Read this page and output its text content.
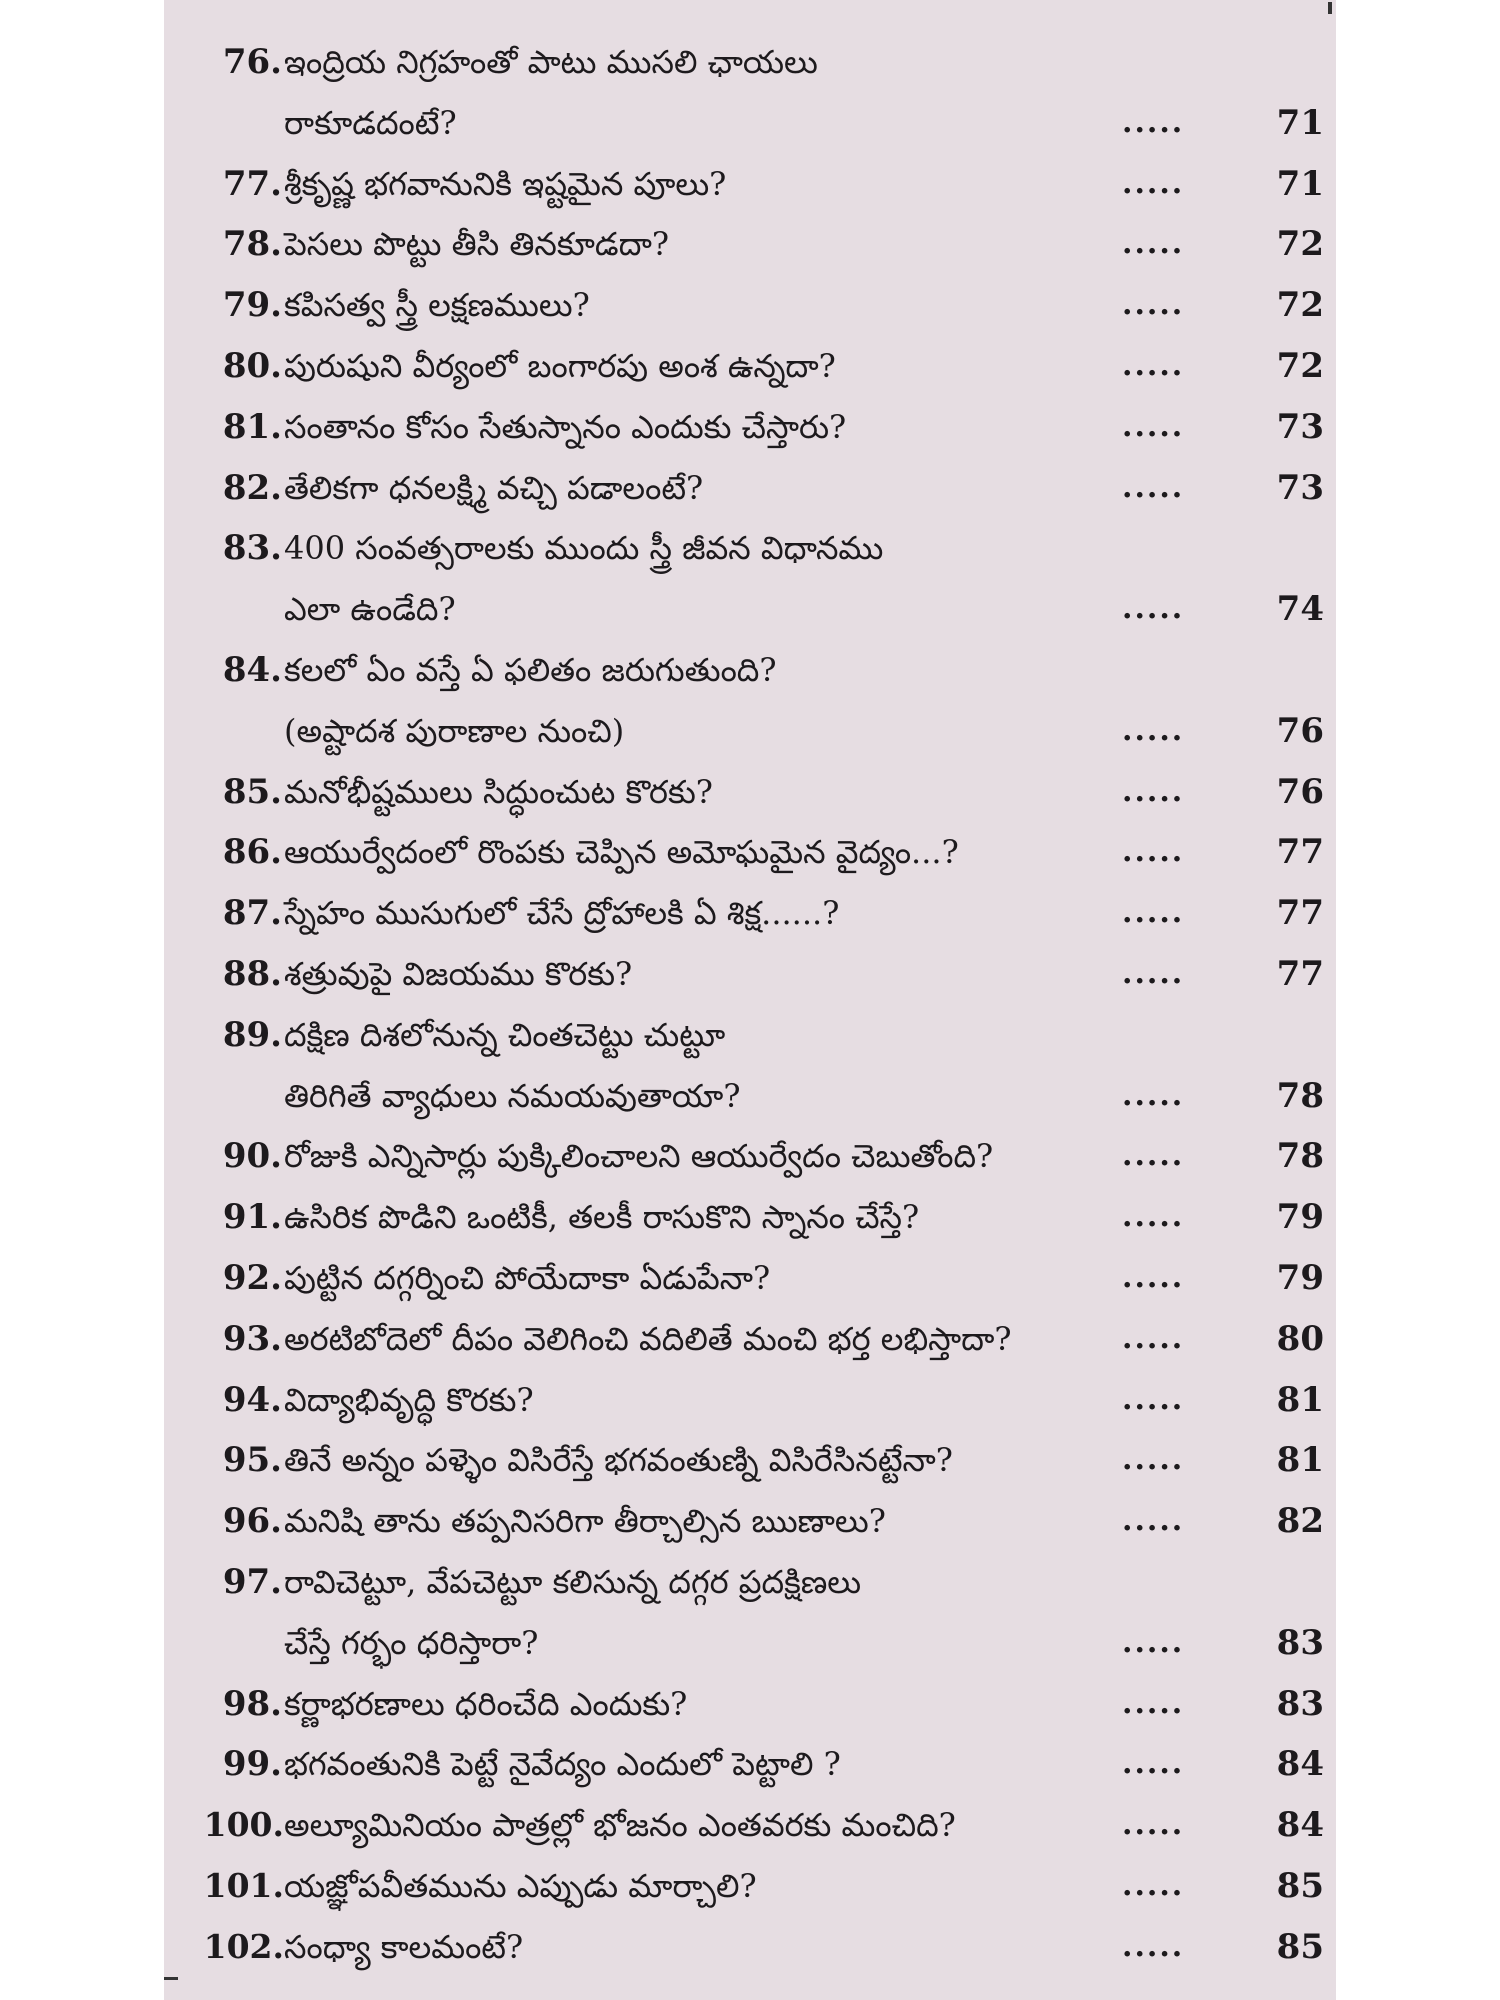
76. ఇంద్రియ నిగ్రహంతో పాటు ముసలి ఛాయలు
రాకూడదంటే?	.....	71
77. శ్రీకృష్ణ భగవానునికి ఇష్టమైన పూలు?	.....	71
78. పెసలు పొట్టు తీసి తినకూడదా?	.....	72
79. కపిసత్వ స్త్రీ లక్షణములు?	.....	72
80. పురుషుని వీర్యంలో బంగారపు అంశ ఉన్నదా?	.....	72
81. సంతానం కోసం సేతుస్నానం ఎందుకు చేస్తారు?	.....	73
82. తేలికగా ధనలక్ష్మి వచ్చి పడాలంటే?	.....	73
83. 400 సంవత్సరాలకు ముందు స్త్రీ జీవన విధానము
ఎలా ఉండేది?	.....	74
84. కలలో ఏం వస్తే ఏ ఫలితం జరుగుతుంది?
(అష్టాదశ పురాణాల నుంచి)	.....	76
85. మనోభీష్టములు సిద్ధుంచుట కొరకు?	.....	76
86. ఆయుర్వేదంలో రొంపకు చెప్పిన అమోఘమైన వైద్యం...?	.....	77
87. స్నేహం ముసుగులో చేసే ద్రోహాలకి ఏ శిక్ష......?	.....	77
88. శత్రువుపై విజయము కొరకు?	.....	77
89. దక్షిణ దిశలోనున్న చింతచెట్టు చుట్టూ
తిరిగితే వ్యాధులు నమయవుతాయా?	.....	78
90. రోజుకి ఎన్నిసార్లు పుక్కిలించాలని ఆయుర్వేదం చెబుతోంది?	.....	78
91. ఉసిరిక పొడిని ఒంటికీ, తలకీ రాసుకొని స్నానం చేస్తే?	.....	79
92. పుట్టిన దగ్గర్నించి పోయేదాకా ఏడుపేనా?	.....	79
93. అరటిబోదెలో దీపం వెలిగించి వదిలితే మంచి భర్త లభిస్తాదా?	.....	80
94. విద్యాభివృద్ధి కొరకు?	.....	81
95. తినే అన్నం పళ్ళెం విసిరేస్తే భగవంతుణ్ని విసిరేసినట్టేనా?	.....	81
96. మనిషి తాను తప్పనిసరిగా తీర్చాల్సిన ఋణాలు?	.....	82
97. రావిచెట్టూ, వేపచెట్టూ కలిసున్న దగ్గర ప్రదక్షిణలు
చేస్తే గర్భం ధరిస్తారా?	.....	83
98. కర్ణాభరణాలు ధరించేది ఎందుకు?	.....	83
99. భగవంతునికి పెట్టే నైవేద్యం ఎందులో పెట్టాలి ?	.....	84
100. అల్యూమినియం పాత్రల్లో భోజనం ఎంతవరకు మంచిది?	.....	84
101. యజ్ఞోపవీతమును ఎప్పుడు మార్చాలి?	.....	85
102. సంధ్యా కాలమంటే?	.....	85
